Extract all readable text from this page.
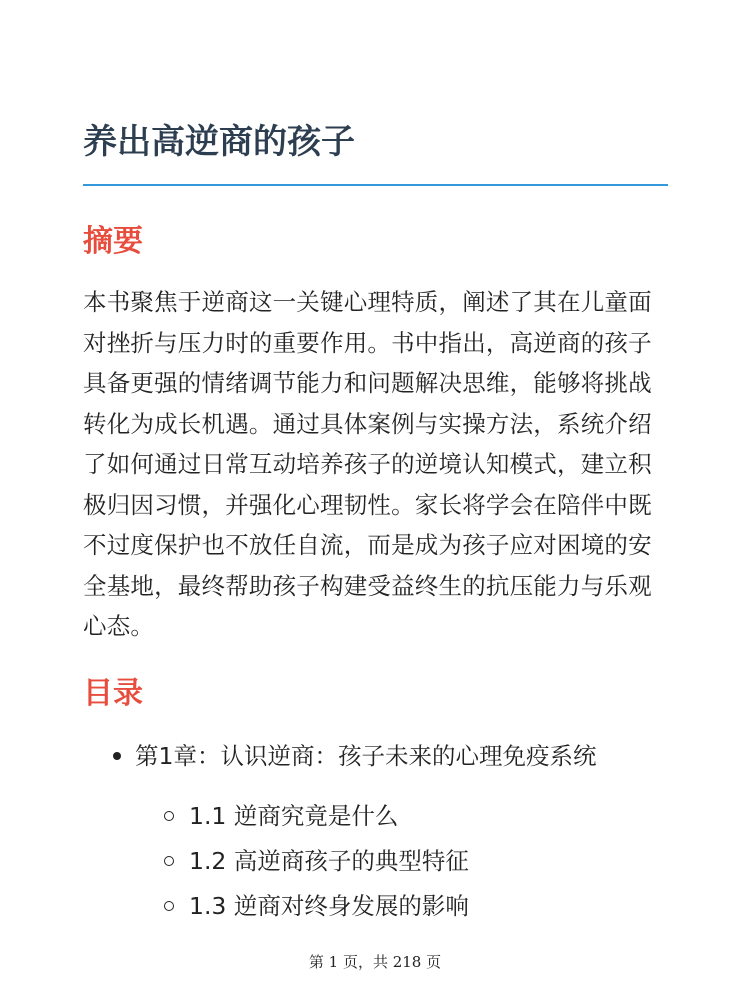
养出高逆商的孩子
摘要

本书聚焦于逆商这一关键心理特质，阐述了其在儿童面对挫折与压力时的重要作用。书中指出，高逆商的孩子具备更强的情绪调节能力和问题解决思维，能够将挑战转化为成长机遇。通过具体案例与实操方法，系统介绍了如何通过日常互动培养孩子的逆境认知模式，建立积极归因习惯，并强化心理韧性。家长将学会在陪伴中既不过度保护也不放任自流，而是成为孩子应对困境的安全基地，最终帮助孩子构建受益终生的抗压能力与乐观心态。

目录
第1章：认识逆商：孩子未来的心理免疫系统
1.1 逆商究竟是什么
1.2 高逆商孩子的典型特征
1.3 逆商对终身发展的影响
第 1 页，共 218 页
